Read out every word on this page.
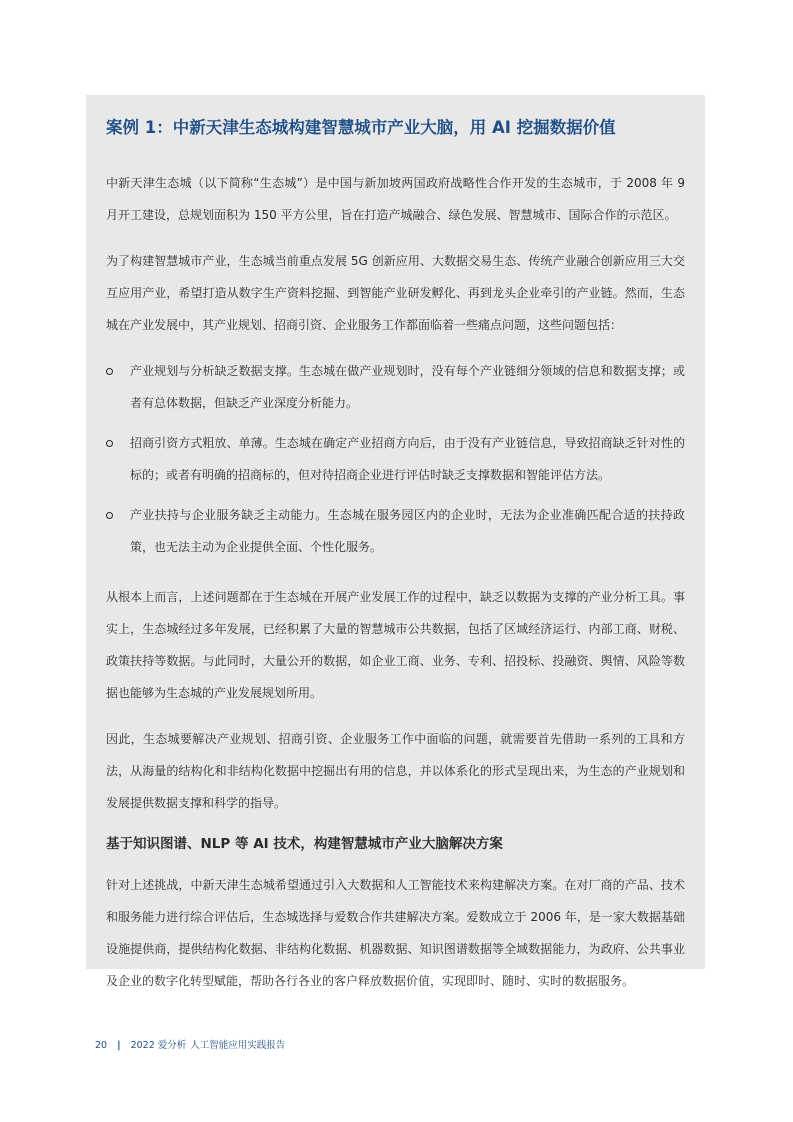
案例 1：中新天津生态城构建智慧城市产业大脑，用 AI 挖掘数据价值

中新天津生态城（以下简称“生态城”）是中国与新加坡两国政府战略性合作开发的生态城市，于 2008 年 9 月开工建设，总规划面积为 150 平方公里，旨在打造产城融合、绿色发展、智慧城市、国际合作的示范区。

为了构建智慧城市产业，生态城当前重点发展 5G 创新应用、大数据交易生态、传统产业融合创新应用三大交互应用产业，希望打造从数字生产资料挖掘、到智能产业研发孵化、再到龙头企业牵引的产业链。然而，生态城在产业发展中，其产业规划、招商引资、企业服务工作都面临着一些痛点问题，这些问题包括：

产业规划与分析缺乏数据支撑。生态城在做产业规划时，没有每个产业链细分领域的信息和数据支撑；或者有总体数据，但缺乏产业深度分析能力。
招商引资方式粗放、单薄。生态城在确定产业招商方向后，由于没有产业链信息，导致招商缺乏针对性的标的；或者有明确的招商标的，但对待招商企业进行评估时缺乏支撑数据和智能评估方法。
产业扶持与企业服务缺乏主动能力。生态城在服务园区内的企业时，无法为企业准确匹配合适的扶持政策，也无法主动为企业提供全面、个性化服务。

从根本上而言，上述问题都在于生态城在开展产业发展工作的过程中，缺乏以数据为支撑的产业分析工具。事实上，生态城经过多年发展，已经积累了大量的智慧城市公共数据，包括了区域经济运行、内部工商、财税、政策扶持等数据。与此同时，大量公开的数据，如企业工商、业务、专利、招投标、投融资、舆情、风险等数据也能够为生态城的产业发展规划所用。

因此，生态城要解决产业规划、招商引资、企业服务工作中面临的问题，就需要首先借助一系列的工具和方法，从海量的结构化和非结构化数据中挖掘出有用的信息，并以体系化的形式呈现出来，为生态的产业规划和发展提供数据支撑和科学的指导。

基于知识图谱、NLP 等 AI 技术，构建智慧城市产业大脑解决方案

针对上述挑战，中新天津生态城希望通过引入大数据和人工智能技术来构建解决方案。在对厂商的产品、技术和服务能力进行综合评估后，生态城选择与爱数合作共建解决方案。爱数成立于 2006 年，是一家大数据基础设施提供商，提供结构化数据、非结构化数据、机器数据、知识图谱数据等全域数据能力，为政府、公共事业及企业的数字化转型赋能，帮助各行各业的客户释放数据价值，实现即时、随时、实时的数据服务。

20 | 2022 爱分析 人工智能应用实践报告
